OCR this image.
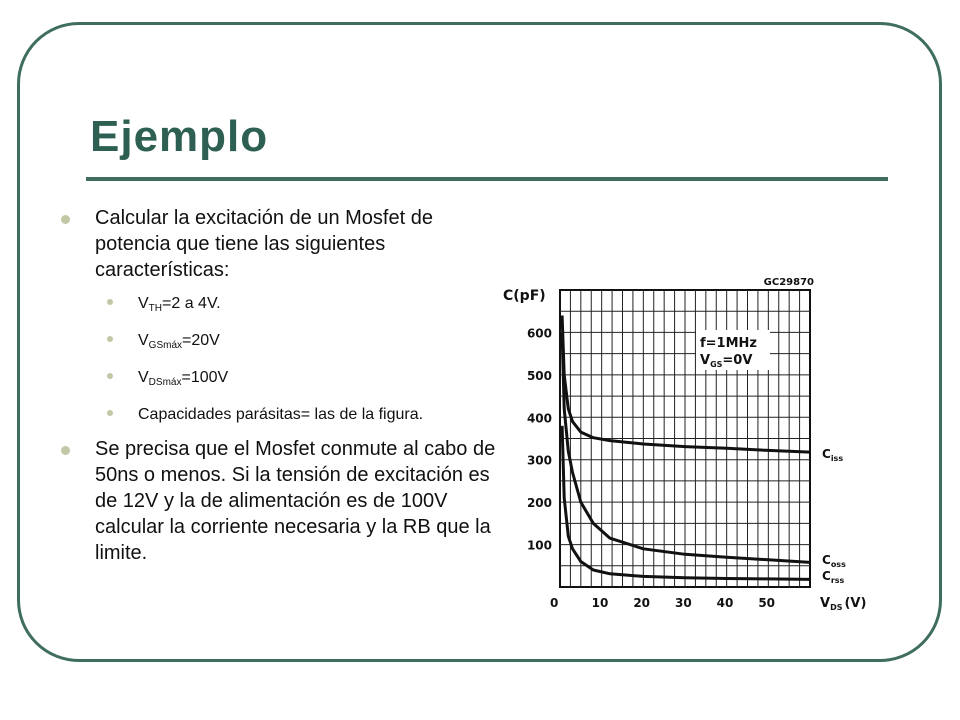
Ejemplo
Calcular la excitación de un Mosfet de potencia que tiene las siguientes características:
$V_{TH}=2$ a 4V.
$V_{GSmáx}=20V$
$V_{DSmáx}=100V$
Capacidades parásitas= las de la figura.
Se precisa que el Mosfet conmute al cabo de 50ns o menos. Si la tensión de excitación es de 12V y la de alimentación es de 100V calcular la corriente necesaria y la RB que la limite.	100
200
300
400
500
600
0	10 20 30 40 50
GC29870
C(pF)
f=1MHz
$V_{GS}=0V$
$C_{iss}$
$C_{oss}$
$C_{rss}$
$V_{DS}$ (V)
